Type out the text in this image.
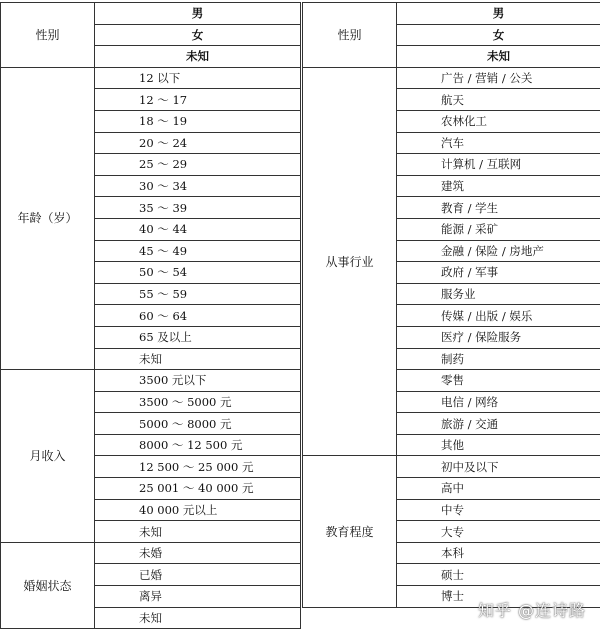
性别	男
	女
	未知
年龄（岁）	12 以下
	12 ～ 17
	18 ～ 19
	20 ～ 24
	25 ～ 29
	30 ～ 34
	35 ～ 39
	40 ～ 44
	45 ～ 49
	50 ～ 54
	55 ～ 59
	60 ～ 64
	65 及以上
	未知
月收入	3500 元以下
	3500 ～ 5000 元
	5000 ～ 8000 元
	8000 ～ 12 500 元
	12 500 ～ 25 000 元
	25 001 ～ 40 000 元
	40 000 元以上
	未知
婚姻状态	未婚
	已婚
	离异
	未知
性别	男
	女
	未知
从事行业	广告 / 营销 / 公关
	航天
	农林化工
	汽车
	计算机 / 互联网
	建筑
	教育 / 学生
	能源 / 采矿
	金融 / 保险 / 房地产
	政府 / 军事
	服务业
	传媒 / 出版 / 娱乐
	医疗 / 保险服务
	制药
	零售
	电信 / 网络
	旅游 / 交通
	其他
教育程度	初中及以下
	高中
	中专
	大专
	本科
	硕士
	博士
知乎 @连诗路
